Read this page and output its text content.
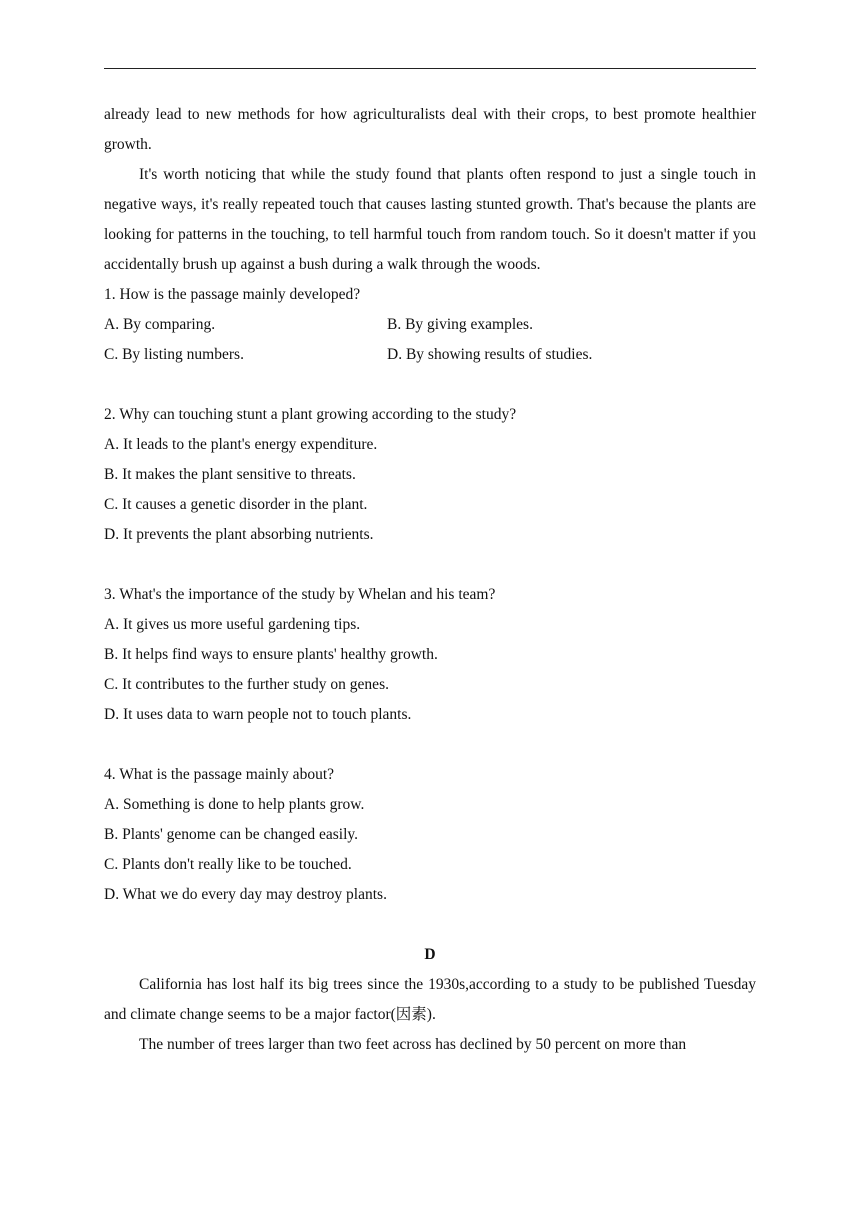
already lead to new methods for how agriculturalists deal with their crops, to best promote healthier growth.

It's worth noticing that while the study found that plants often respond to just a single touch in negative ways, it's really repeated touch that causes lasting stunted growth. That's because the plants are looking for patterns in the touching, to tell harmful touch from random touch. So it doesn't matter if you accidentally brush up against a bush during a walk through the woods.

1. How is the passage mainly developed?

A. By comparing.	B. By giving examples.
C. By listing numbers.	D. By showing results of studies.

2. Why can touching stunt a plant growing according to the study?

A. It leads to the plant's energy expenditure.

B. It makes the plant sensitive to threats.

C. It causes a genetic disorder in the plant.

D. It prevents the plant absorbing nutrients.

3. What's the importance of the study by Whelan and his team?

A. It gives us more useful gardening tips.

B. It helps find ways to ensure plants' healthy growth.

C. It contributes to the further study on genes.

D. It uses data to warn people not to touch plants.

4. What is the passage mainly about?

A. Something is done to help plants grow.

B. Plants' genome can be changed easily.

C. Plants don't really like to be touched.

D. What we do every day may destroy plants.

D

California has lost half its big trees since the 1930s,according to a study to be published Tuesday and climate change seems to be a major factor(因素).

The number of trees larger than two feet across has declined by 50 percent on more than
